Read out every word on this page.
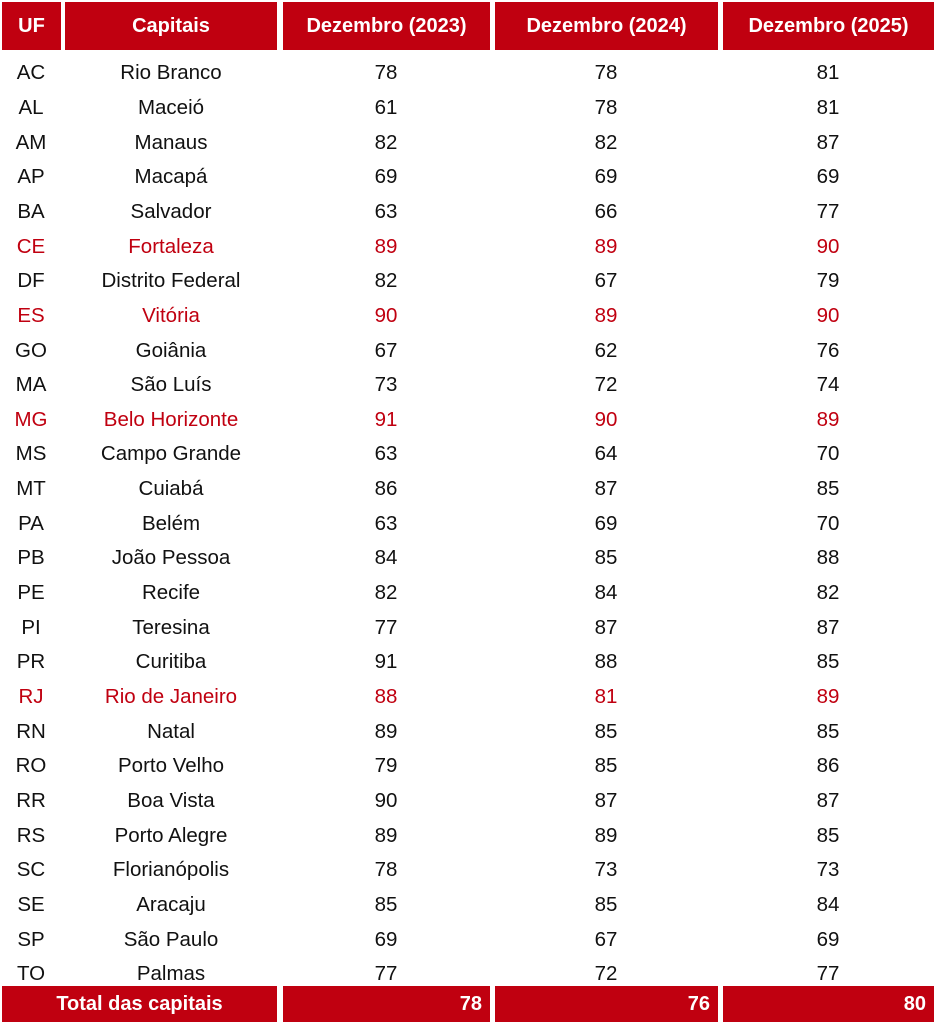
UF	Capitais	Dezembro (2023)	Dezembro (2024)	Dezembro (2025)
AC	Rio Branco	78	78	81
AL	Maceió	61	78	81
AM	Manaus	82	82	87
AP	Macapá	69	69	69
BA	Salvador	63	66	77
CE	Fortaleza	89	89	90
DF	Distrito Federal	82	67	79
ES	Vitória	90	89	90
GO	Goiânia	67	62	76
MA	São Luís	73	72	74
MG	Belo Horizonte	91	90	89
MS	Campo Grande	63	64	70
MT	Cuiabá	86	87	85
PA	Belém	63	69	70
PB	João Pessoa	84	85	88
PE	Recife	82	84	82
PI	Teresina	77	87	87
PR	Curitiba	91	88	85
RJ	Rio de Janeiro	88	81	89
RN	Natal	89	85	85
RO	Porto Velho	79	85	86
RR	Boa Vista	90	87	87
RS	Porto Alegre	89	89	85
SC	Florianópolis	78	73	73
SE	Aracaju	85	85	84
SP	São Paulo	69	67	69
TO	Palmas	77	72	77
Total das capitais	78	76	80
